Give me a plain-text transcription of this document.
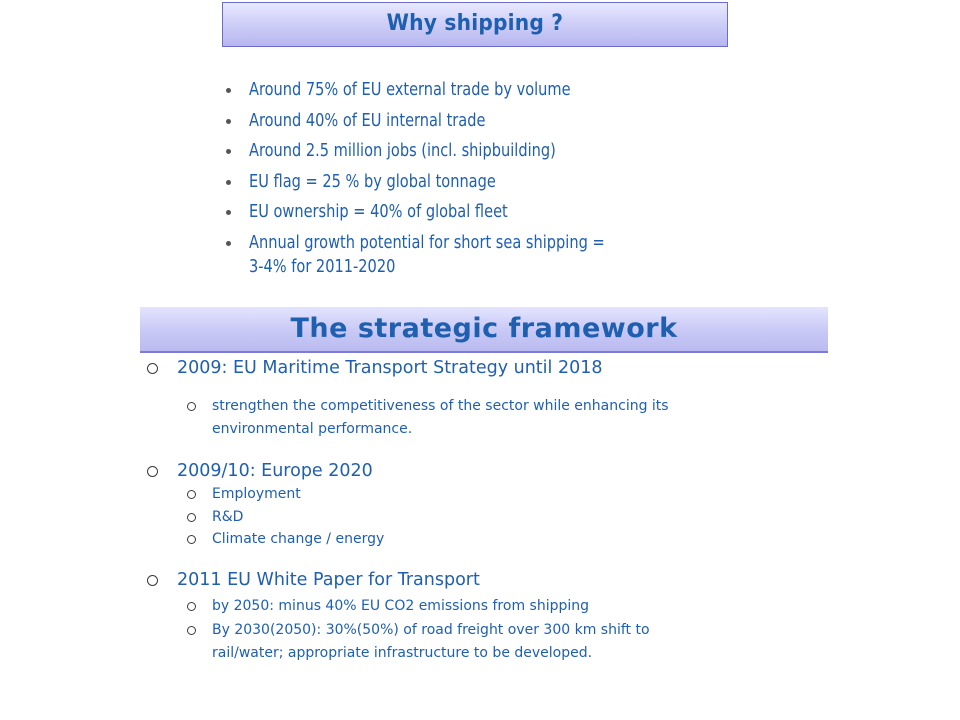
Why shipping ?
Around 75% of EU external trade by volume
Around 40% of EU internal trade
Around 2.5 million jobs (incl. shipbuilding)
EU flag = 25 % by global tonnage
EU ownership = 40% of global fleet
Annual growth potential for short sea shipping =
3-4% for 2011-2020
The strategic framework
2009: EU Maritime Transport Strategy until 2018
strengthen the competitiveness of the sector while enhancing its
environmental performance.
2009/10: Europe 2020
Employment
R&D
Climate change / energy
2011 EU White Paper for Transport
by 2050: minus 40% EU CO2 emissions from shipping
By 2030(2050): 30%(50%) of road freight over 300 km shift to
rail/water; appropriate infrastructure to be developed.
